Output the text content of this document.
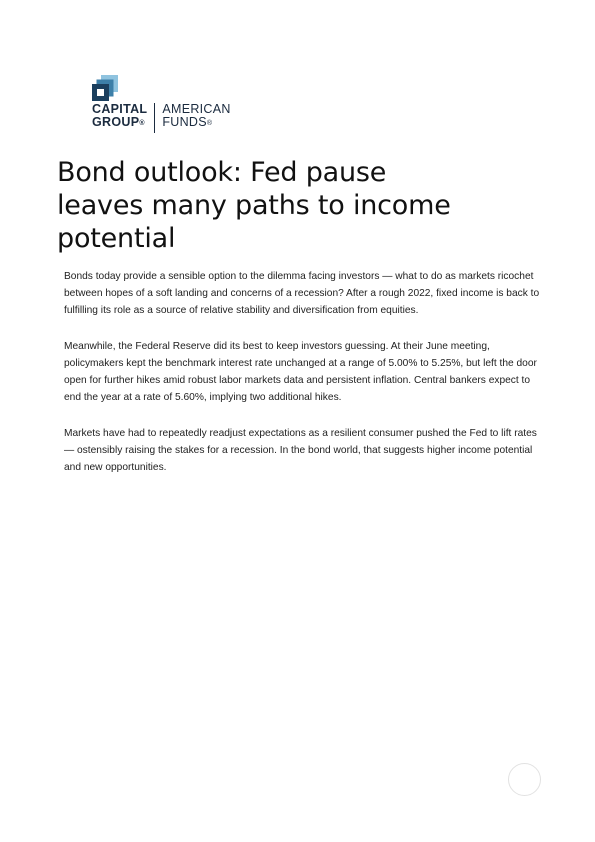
CAPITAL
GROUP®
AMERICAN
FUNDS®
Bond outlook: Fed pause leaves many paths to income potential

Bonds today provide a sensible option to the dilemma facing investors — what to do as markets ricochet between hopes of a soft landing and concerns of a recession? After a rough 2022, fixed income is back to fulfilling its role as a source of relative stability and diversification from equities.

Meanwhile, the Federal Reserve did its best to keep investors guessing. At their June meeting, policymakers kept the benchmark interest rate unchanged at a range of 5.00% to 5.25%, but left the door open for further hikes amid robust labor markets data and persistent inflation. Central bankers expect to end the year at a rate of 5.60%, implying two additional hikes.

Markets have had to repeatedly readjust expectations as a resilient consumer pushed the Fed to lift rates — ostensibly raising the stakes for a recession. In the bond world, that suggests higher income potential and new opportunities.
